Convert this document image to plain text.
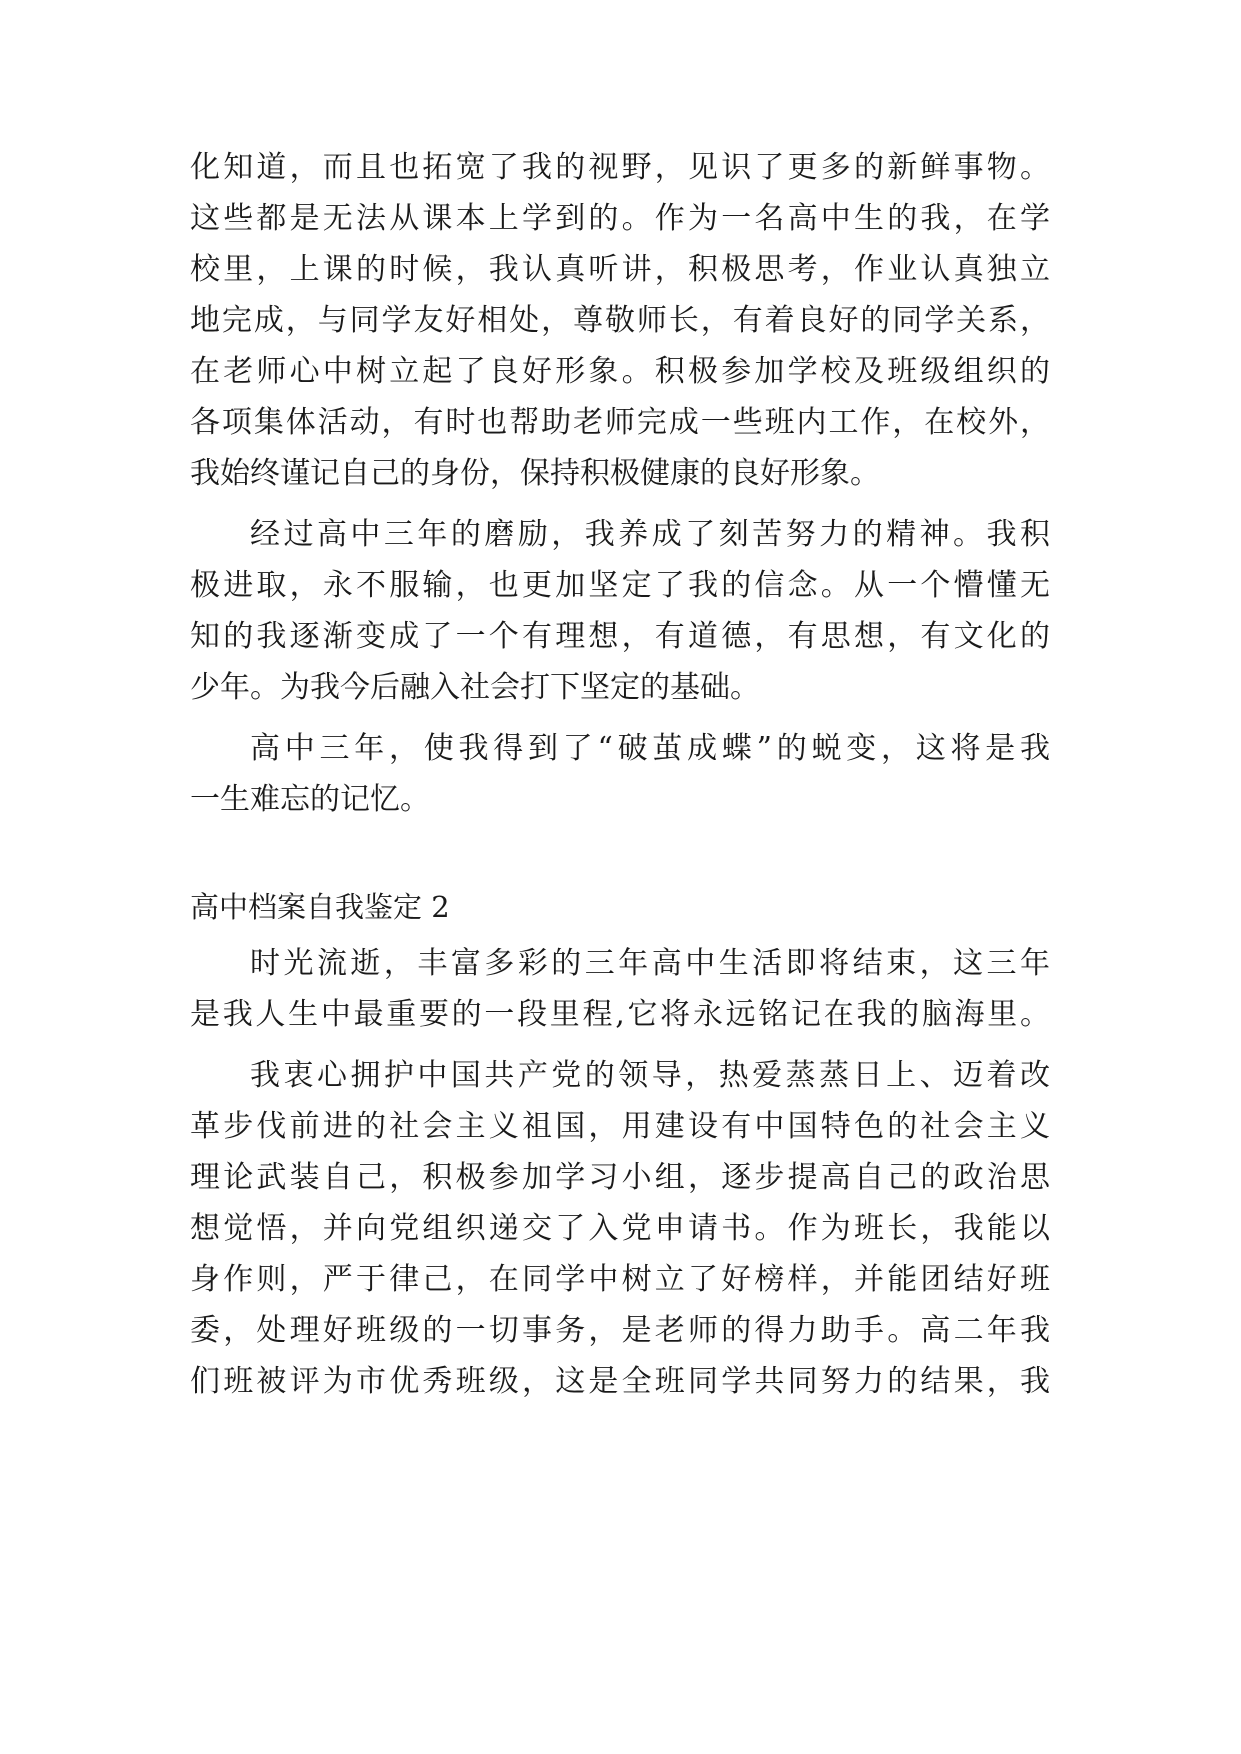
化知道，而且也拓宽了我的视野，见识了更多的新鲜事物。
这些都是无法从课本上学到的。作为一名高中生的我，在学
校里，上课的时候，我认真听讲，积极思考，作业认真独立
地完成，与同学友好相处，尊敬师长，有着良好的同学关系，
在老师心中树立起了良好形象。积极参加学校及班级组织的
各项集体活动，有时也帮助老师完成一些班内工作，在校外，
我始终谨记自己的身份，保持积极健康的良好形象。
经过高中三年的磨励，我养成了刻苦努力的精神。我积
极进取，永不服输，也更加坚定了我的信念。从一个懵懂无
知的我逐渐变成了一个有理想，有道德，有思想，有文化的
少年。为我今后融入社会打下坚定的基础。
高中三年，使我得到了“破茧成蝶”的蜕变，这将是我
一生难忘的记忆。
高中档案自我鉴定 2
时光流逝，丰富多彩的三年高中生活即将结束，这三年
是我人生中最重要的一段里程,它将永远铭记在我的脑海里。
我衷心拥护中国共产党的领导，热爱蒸蒸日上、迈着改
革步伐前进的社会主义祖国，用建设有中国特色的社会主义
理论武装自己，积极参加学习小组，逐步提高自己的政治思
想觉悟，并向党组织递交了入党申请书。作为班长，我能以
身作则，严于律己，在同学中树立了好榜样，并能团结好班
委，处理好班级的一切事务，是老师的得力助手。高二年我
们班被评为市优秀班级，这是全班同学共同努力的结果，我
